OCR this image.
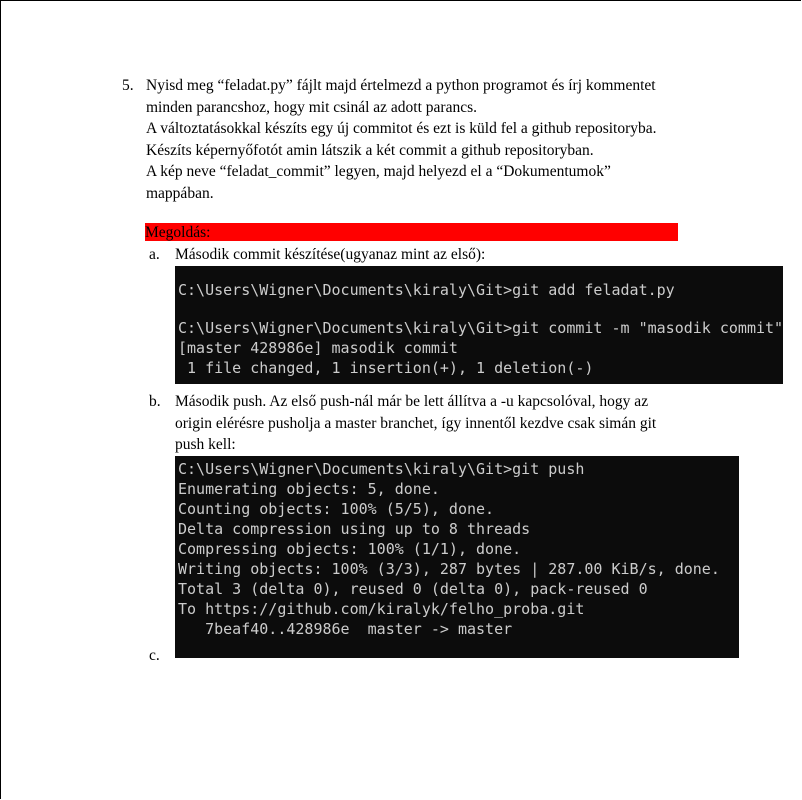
5. Nyisd meg “feladat.py” fájlt majd értelmezd a python programot és írj kommentet
minden parancshoz, hogy mit csinál az adott parancs.
A változtatásokkal készíts egy új commitot és ezt is küld fel a github repositoryba.
Készíts képernyőfotót amin látszik a két commit a github repositoryban.
A kép neve “feladat_commit” legyen, majd helyezd el a “Dokumentumok”
mappában.
Megoldás:
a. Második commit készítése(ugyanaz mint az első):

C:\Users\Wigner\Documents\kiraly\Git>git add feladat.py

C:\Users\Wigner\Documents\kiraly\Git>git commit -m "masodik commit"

[master 428986e] masodik commit

1 file changed, 1 insertion(+), 1 deletion(-)

b. Második push. Az első push-nál már be lett állítva a -u kapcsolóval, hogy az
origin elérésre pusholja a master branchet, így innentől kezdve csak simán git
push kell:

C:\Users\Wigner\Documents\kiraly\Git>git push

Enumerating objects: 5, done.

Counting objects: 100% (5/5), done.

Delta compression using up to 8 threads

Compressing objects: 100% (1/1), done.

Writing objects: 100% (3/3), 287 bytes | 287.00 KiB/s, done.

Total 3 (delta 0), reused 0 (delta 0), pack-reused 0

To https://github.com/kiralyk/felho_proba.git

7beaf40..428986e  master -> master

c.
